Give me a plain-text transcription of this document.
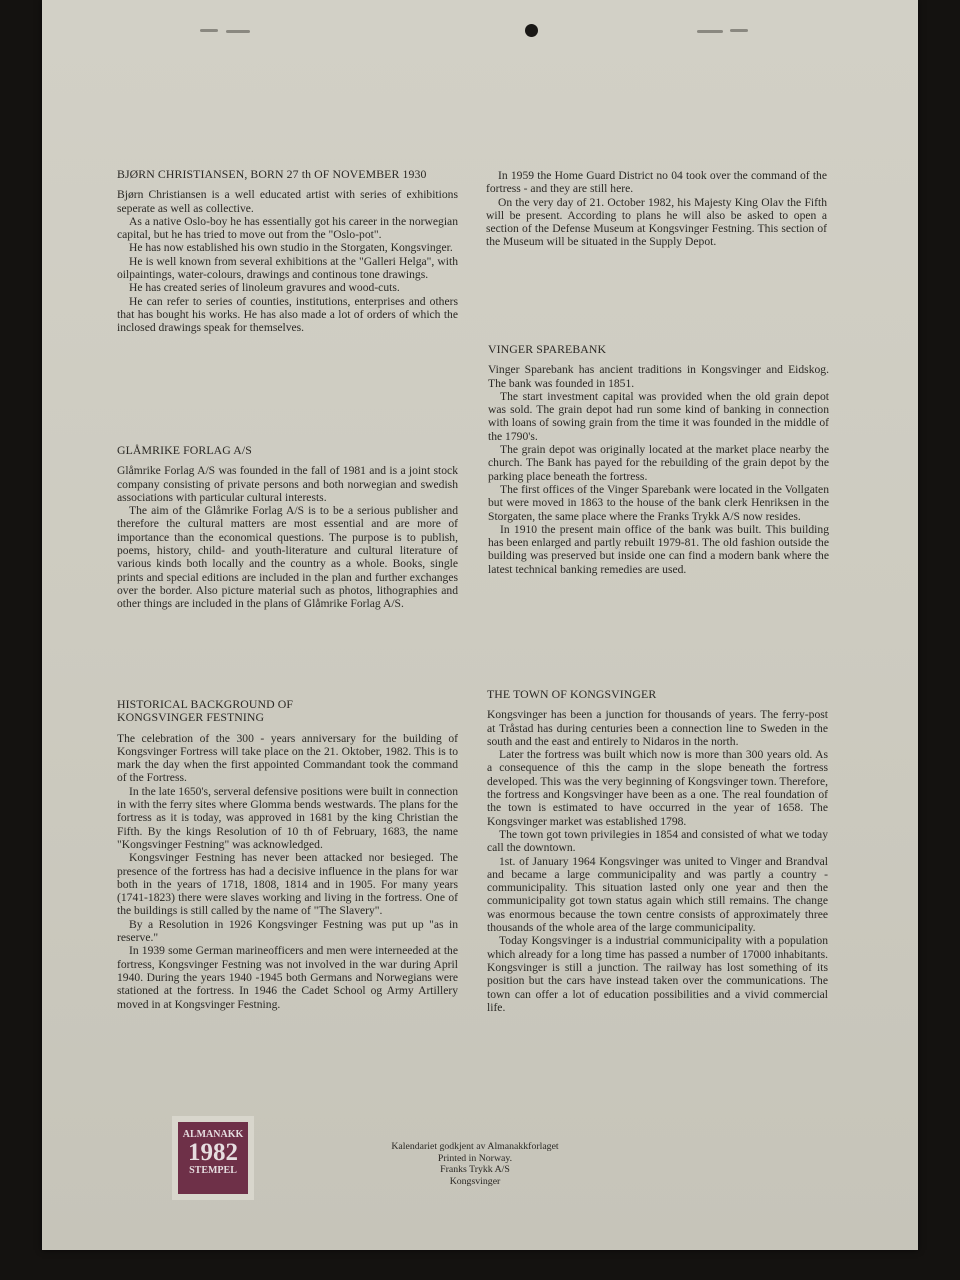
BJØRN CHRISTIANSEN, BORN 27 th OF NOVEMBER 1930

Bjørn Christiansen is a well educated artist with series of exhibitions seperate as well as collective.

As a native Oslo-boy he has essentially got his career in the norwegian capital, but he has tried to move out from the "Oslo-pot".

He has now established his own studio in the Storgaten, Kongsvinger.

He is well known from several exhibitions at the "Galleri Helga", with oilpaintings, water-colours, drawings and continous tone drawings.

He has created series of linoleum gravures and wood-cuts.

He can refer to series of counties, institutions, enterprises and others that has bought his works. He has also made a lot of orders of which the inclosed drawings speak for themselves.

GLÅMRIKE FORLAG A/S

Glåmrike Forlag A/S was founded in the fall of 1981 and is a joint stock company consisting of private persons and both norwegian and swedish associations with particular cultural interests.

The aim of the Glåmrike Forlag A/S is to be a serious publisher and therefore the cultural matters are most essential and are more of importance than the economical questions. The purpose is to publish, poems, history, child- and youth-literature and cultural literature of various kinds both locally and the country as a whole. Books, single prints and special editions are included in the plan and further exchanges over the border. Also picture material such as photos, lithographies and other things are included in the plans of Glåmrike Forlag A/S.

HISTORICAL BACKGROUND OF KONGSVINGER FESTNING

The celebration of the 300 - years anniversary for the building of Kongsvinger Fortress will take place on the 21. Oktober, 1982. This is to mark the day when the first appointed Commandant took the command of the Fortress.

In the late 1650's, serveral defensive positions were built in connection in with the ferry sites where Glomma bends westwards. The plans for the fortress as it is today, was approved in 1681 by the king Christian the Fifth. By the kings Resolution of 10 th of February, 1683, the name "Kongsvinger Festning" was acknowledged.

Kongsvinger Festning has never been attacked nor besieged. The presence of the fortress has had a decisive influence in the plans for war both in the years of 1718, 1808, 1814 and in 1905. For many years (1741-1823) there were slaves working and living in the fortress. One of the buildings is still called by the name of "The Slavery".

By a Resolution in 1926 Kongsvinger Festning was put up "as in reserve."

In 1939 some German marineofficers and men were interneeded at the fortress, Kongsvinger Festning was not involved in the war during April 1940. During the years 1940 -1945 both Germans and Norwegians were stationed at the fortress. In 1946 the Cadet School og Army Artillery moved in at Kongsvinger Festning.

In 1959 the Home Guard District no 04 took over the command of the fortress - and they are still here.

On the very day of 21. October 1982, his Majesty King Olav the Fifth will be present. According to plans he will also be asked to open a section of the Defense Museum at Kongsvinger Festning. This section of the Museum will be situated in the Supply Depot.

VINGER SPAREBANK

Vinger Sparebank has ancient traditions in Kongsvinger and Eidskog. The bank was founded in 1851.

The start investment capital was provided when the old grain depot was sold. The grain depot had run some kind of banking in connection with loans of sowing grain from the time it was founded in the middle of the 1790's.

The grain depot was originally located at the market place nearby the church. The Bank has payed for the rebuilding of the grain depot by the parking place beneath the fortress.

The first offices of the Vinger Sparebank were located in the Vollgaten but were moved in 1863 to the house of the bank clerk Henriksen in the Storgaten, the same place where the Franks Trykk A/S now resides.

In 1910 the present main office of the bank was built. This building has been enlarged and partly rebuilt 1979-81. The old fashion outside the building was preserved but inside one can find a modern bank where the latest technical banking remedies are used.

THE TOWN OF KONGSVINGER

Kongsvinger has been a junction for thousands of years. The ferry-post at Tråstad has during centuries been a connection line to Sweden in the south and the east and entirely to Nidaros in the north.

Later the fortress was built which now is more than 300 years old. As a consequence of this the camp in the slope beneath the fortress developed. This was the very beginning of Kongsvinger town. Therefore, the fortress and Kongsvinger have been as a one. The real foundation of the town is estimated to have occurred in the year of 1658. The Kongsvinger market was established 1798.

The town got town privilegies in 1854 and consisted of what we today call the downtown.

1st. of January 1964 Kongsvinger was united to Vinger and Brandval and became a large communicipality and was partly a country - communicipality. This situation lasted only one year and then the communicipality got town status again which still remains. The change was enormous because the town centre consists of approximately three thousands of the whole area of the large communicipality.

Today Kongsvinger is a industrial communicipality with a population which already for a long time has passed a number of 17000 inhabitants. Kongsvinger is still a junction. The railway has lost something of its position but the cars have instead taken over the communications. The town can offer a lot of education possibilities and a vivid commercial life.

ALMANAKK
1982
STEMPEL
Kalendariet godkjent av Almanakkforlaget
Printed in Norway.
Franks Trykk A/S
Kongsvinger
